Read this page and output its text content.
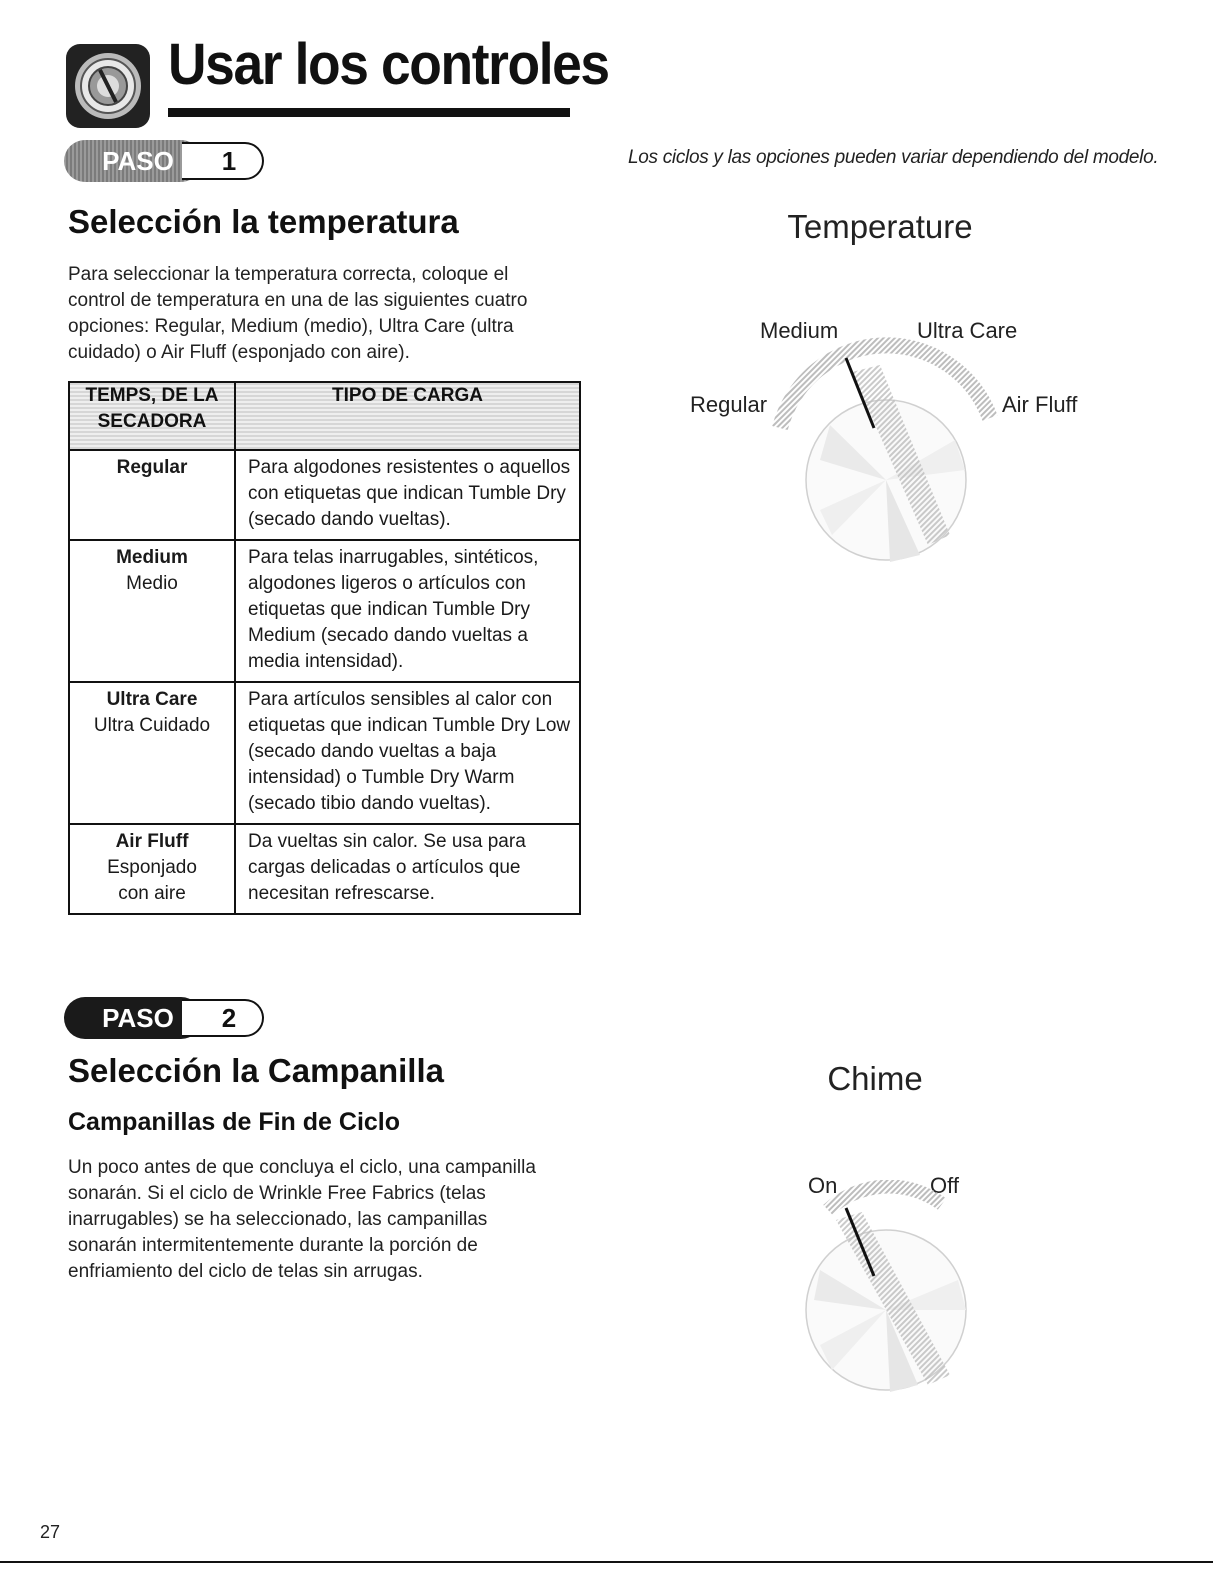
Usar los controles
Los ciclos y las opciones pueden variar dependiendo del modelo.
PASO	1
Selección la temperatura

Para seleccionar la temperatura correcta, coloque el control de temperatura en una de las siguientes cuatro opciones: Regular, Medium (medio), Ultra Care (ultra cuidado) o Air Fluff (esponjado con aire).

TEMPS, DE LA SECADORA	TIPO DE CARGA

Regular	Para algodones resistentes o aquellos con etiquetas que indican Tumble Dry (secado dando vueltas).

Medium
Medio	Para telas inarrugables, sintéticos, algodones ligeros o artículos con etiquetas que indican Tumble Dry Medium (secado dando vueltas a media intensidad).

Ultra Care
Ultra Cuidado	Para artículos sensibles al calor con etiquetas que indican Tumble Dry Low (secado dando vueltas a baja intensidad) o Tumble Dry Warm (secado tibio dando vueltas).

Air Fluff
Esponjado con aire	Da vueltas sin calor. Se usa para cargas delicadas o artículos que necesitan refrescarse.
Temperature
Medium	Ultra Care
Regular	Air Fluff
PASO	2
Selección la Campanilla
Campanillas de Fin de Ciclo

Un poco antes de que concluya el ciclo, una campanilla sonarán. Si el ciclo de Wrinkle Free Fabrics (telas inarrugables) se ha seleccionado, las campanillas sonarán intermitentemente durante la porción de enfriamiento del ciclo de telas sin arrugas.

Chime
On	Off
27
